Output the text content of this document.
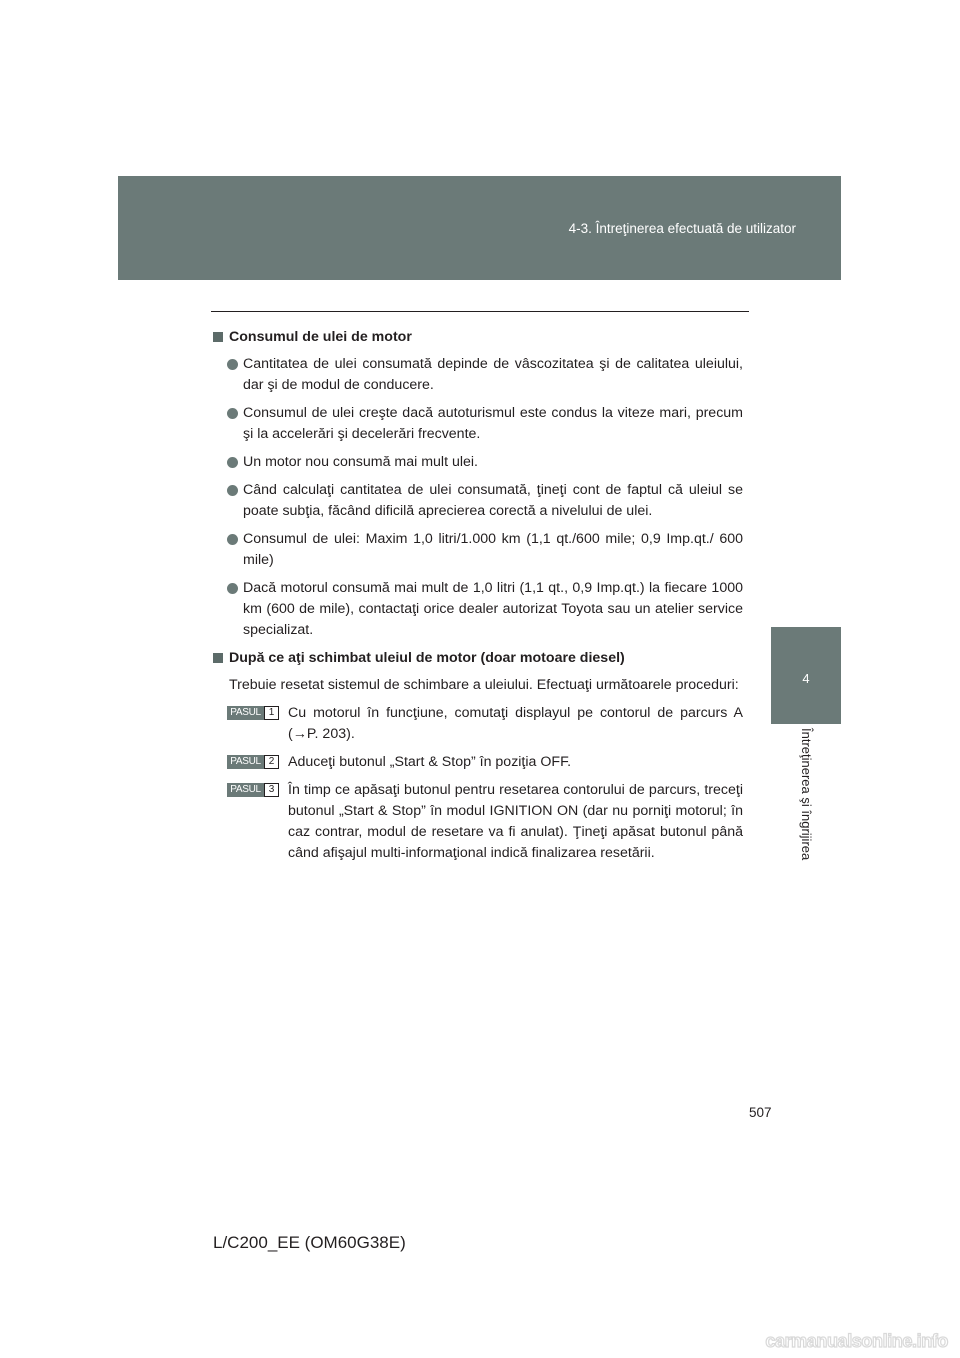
4-3. Întreţinerea efectuată de utilizator
4
Întreţinerea şi îngrijirea
Consumul de ulei de motor
Cantitatea de ulei consumată depinde de vâscozitatea şi de calitatea uleiului, dar şi de modul de conducere.
Consumul de ulei creşte dacă autoturismul este condus la viteze mari, precum şi la accelerări şi decelerări frecvente.
Un motor nou consumă mai mult ulei.
Când calculaţi cantitatea de ulei consumată, ţineţi cont de faptul că uleiul se poate subţia, făcând dificilă aprecierea corectă a nivelului de ulei.
Consumul de ulei: Maxim 1,0 litri/1.000 km (1,1 qt./600 mile; 0,9 Imp.qt./ 600 mile)
Dacă motorul consumă mai mult de 1,0 litri (1,1 qt., 0,9 Imp.qt.) la fiecare 1000 km (600 de mile), contactaţi orice dealer autorizat Toyota sau un atelier service specializat.
După ce aţi schimbat uleiul de motor (doar motoare diesel)
Trebuie resetat sistemul de schimbare a uleiului. Efectuaţi următoarele proceduri:
PASUL 1 Cu motorul în funcţiune, comutaţi displayul pe contorul de parcurs A (→P. 203).
PASUL 2 Aduceţi butonul „Start & Stop” în poziţia OFF.
PASUL 3 În timp ce apăsaţi butonul pentru resetarea contorului de parcurs, treceţi butonul „Start & Stop” în modul IGNITION ON (dar nu porniţi motorul; în caz contrar, modul de resetare va fi anulat). Ţineţi apăsat butonul până când afişajul multi-informaţional indică finalizarea resetării.
507
L/C200_EE (OM60G38E)
carmanualsonline.info
